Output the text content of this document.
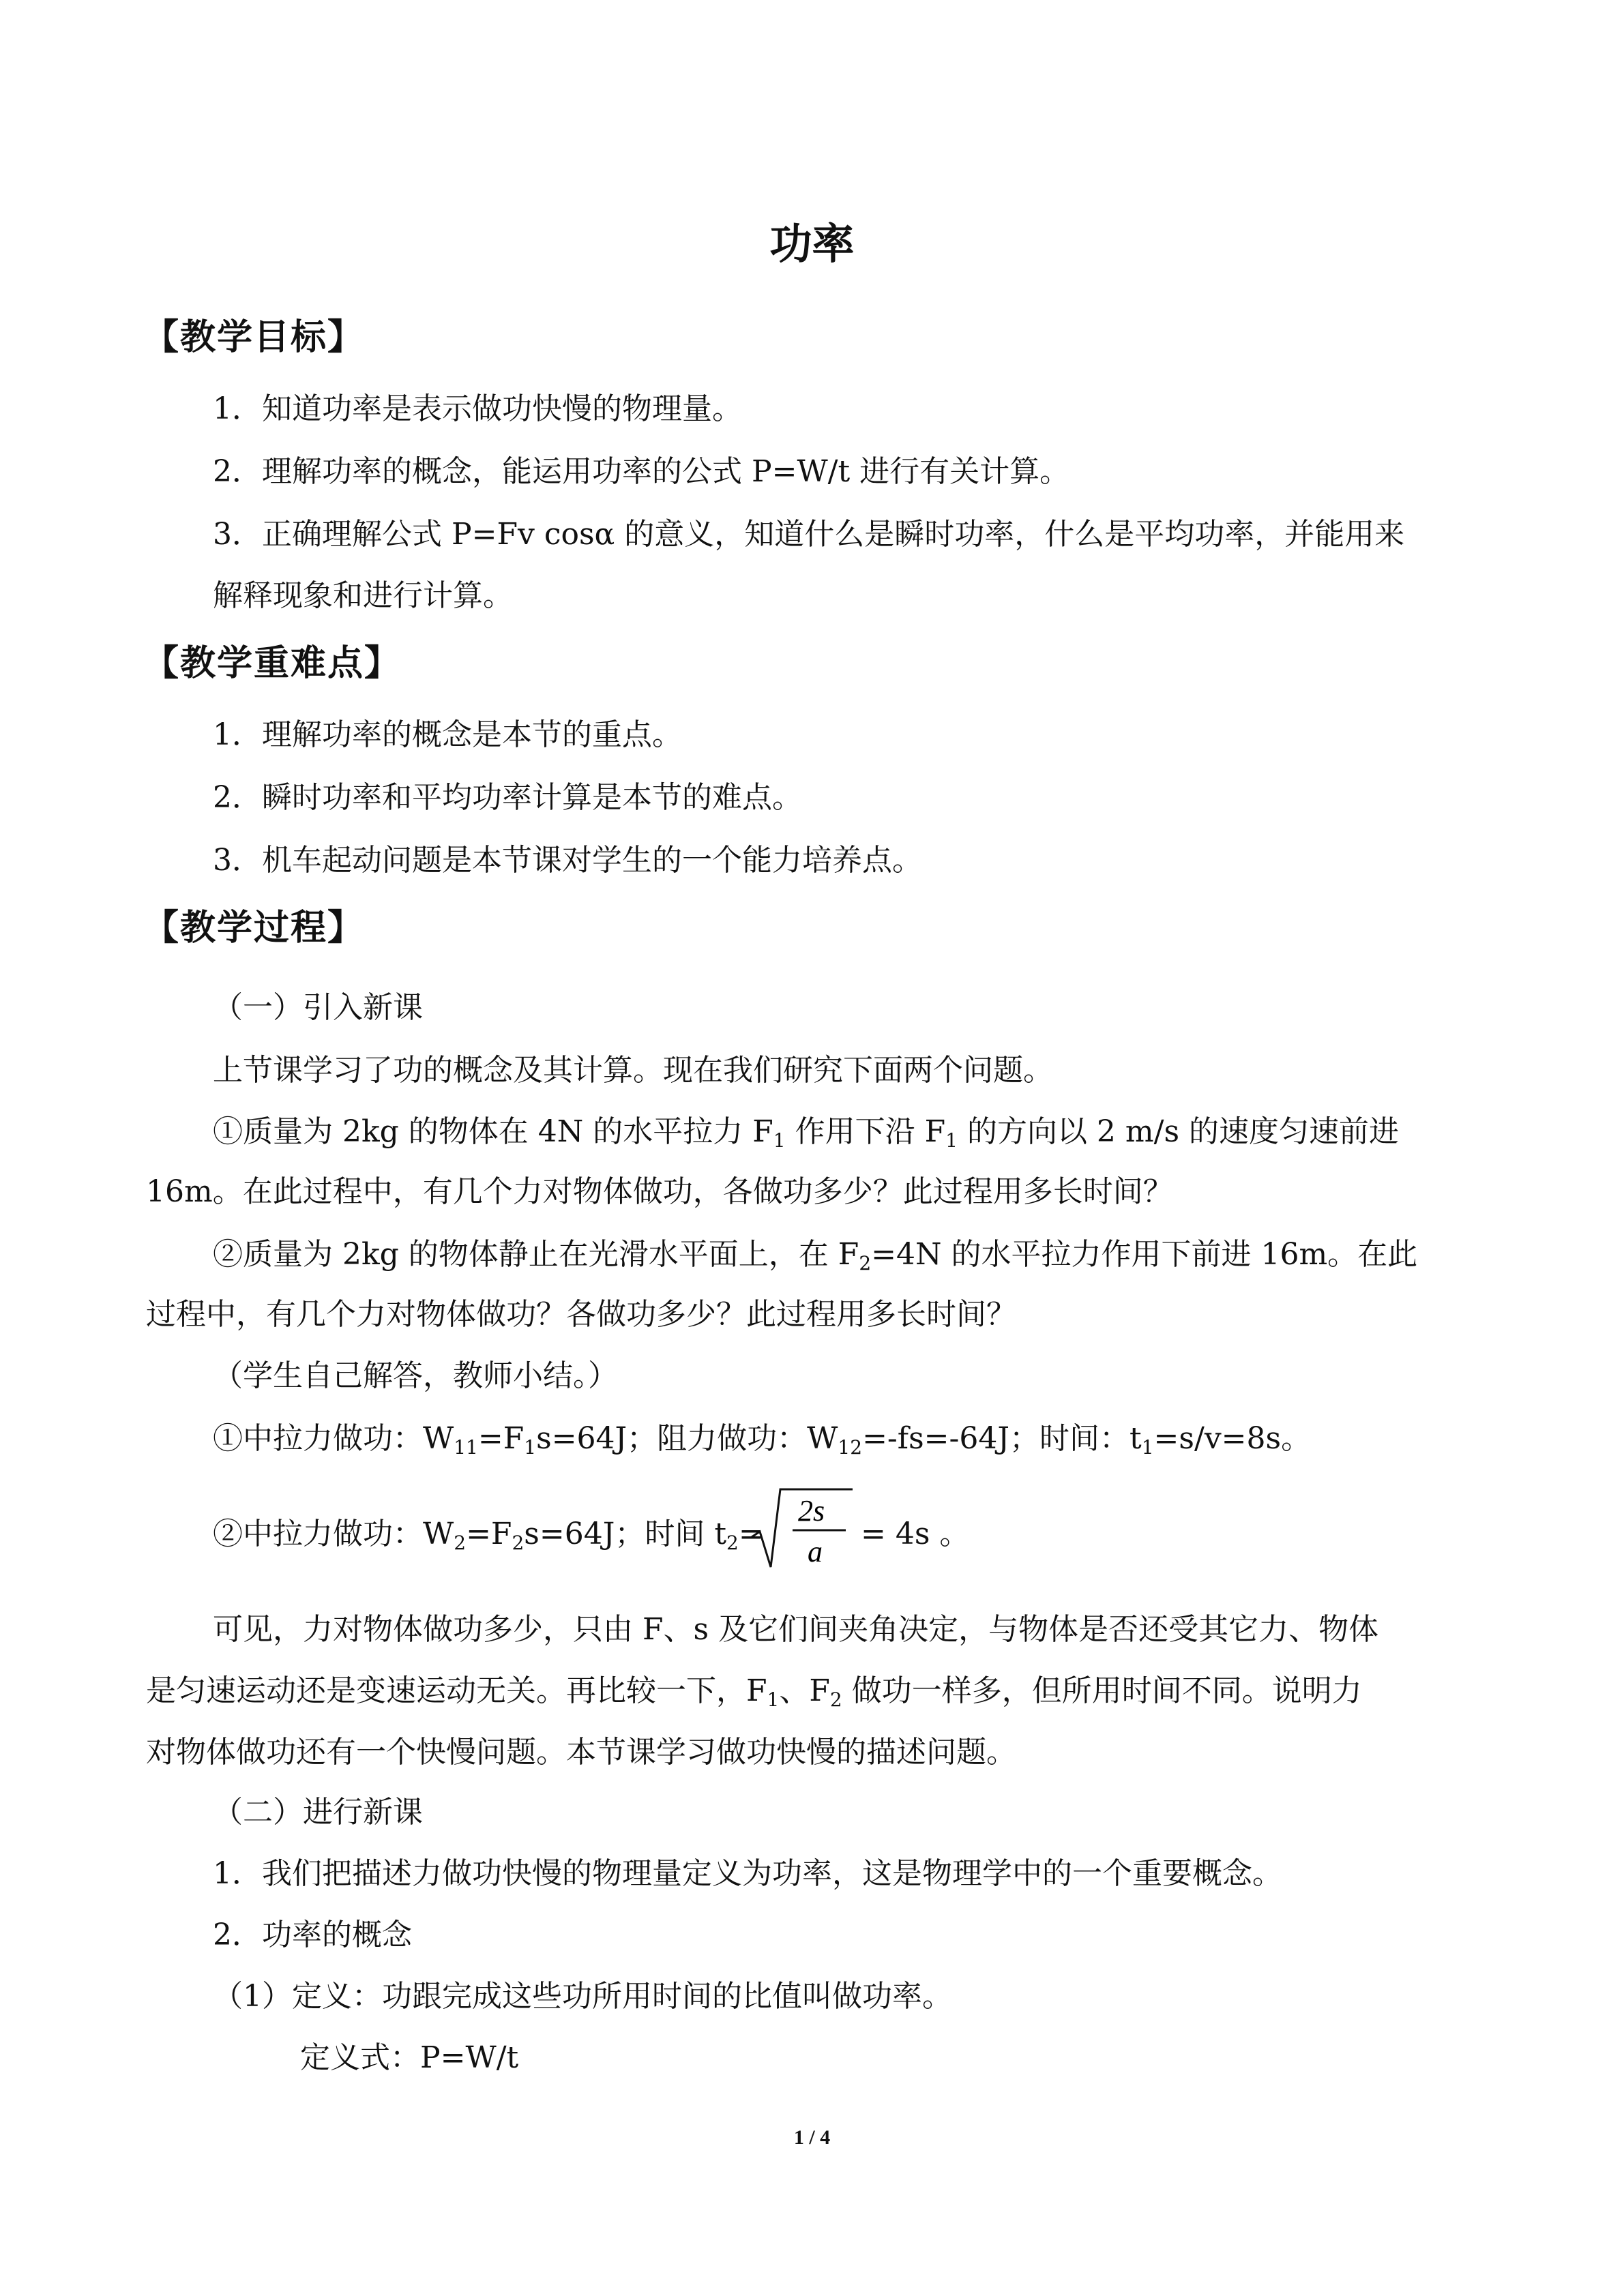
功率
【教学目标】
1．知道功率是表示做功快慢的物理量。
2．理解功率的概念，能运用功率的公式 P=W/t 进行有关计算。
3．正确理解公式 P=Fv cosα 的意义，知道什么是瞬时功率，什么是平均功率，并能用来
解释现象和进行计算。
【教学重难点】
1．理解功率的概念是本节的重点。
2．瞬时功率和平均功率计算是本节的难点。
3．机车起动问题是本节课对学生的一个能力培养点。
【教学过程】
（一）引入新课
上节课学习了功的概念及其计算。现在我们研究下面两个问题。
①质量为 2kg 的物体在 4N 的水平拉力 $F_1$ 作用下沿 $F_1$ 的方向以 2 m/s 的速度匀速前进
16m。在此过程中，有几个力对物体做功，各做功多少？此过程用多长时间？
②质量为 2kg 的物体静止在光滑水平面上，在 $F_2=4N$ 的水平拉力作用下前进 16m。在此
过程中，有几个力对物体做功？各做功多少？此过程用多长时间？
（学生自己解答，教师小结。）
①中拉力做功：$W_{11}=F_1s=64J$；阻力做功：$W_{12}=-fs=-64J$；时间：$t_1=s/v=8s$。
②中拉力做功：$W_2=F_2s=64J$；时间 $t_2=$
2s
a
= 4s 。
可见，力对物体做功多少，只由 F、s 及它们间夹角决定，与物体是否还受其它力、物体
是匀速运动还是变速运动无关。再比较一下，$F_1$、$F_2$ 做功一样多，但所用时间不同。说明力
对物体做功还有一个快慢问题。本节课学习做功快慢的描述问题。
（二）进行新课
1．我们把描述力做功快慢的物理量定义为功率，这是物理学中的一个重要概念。
2．功率的概念
（1）定义：功跟完成这些功所用时间的比值叫做功率。
定义式：P=W/t
1 / 4
